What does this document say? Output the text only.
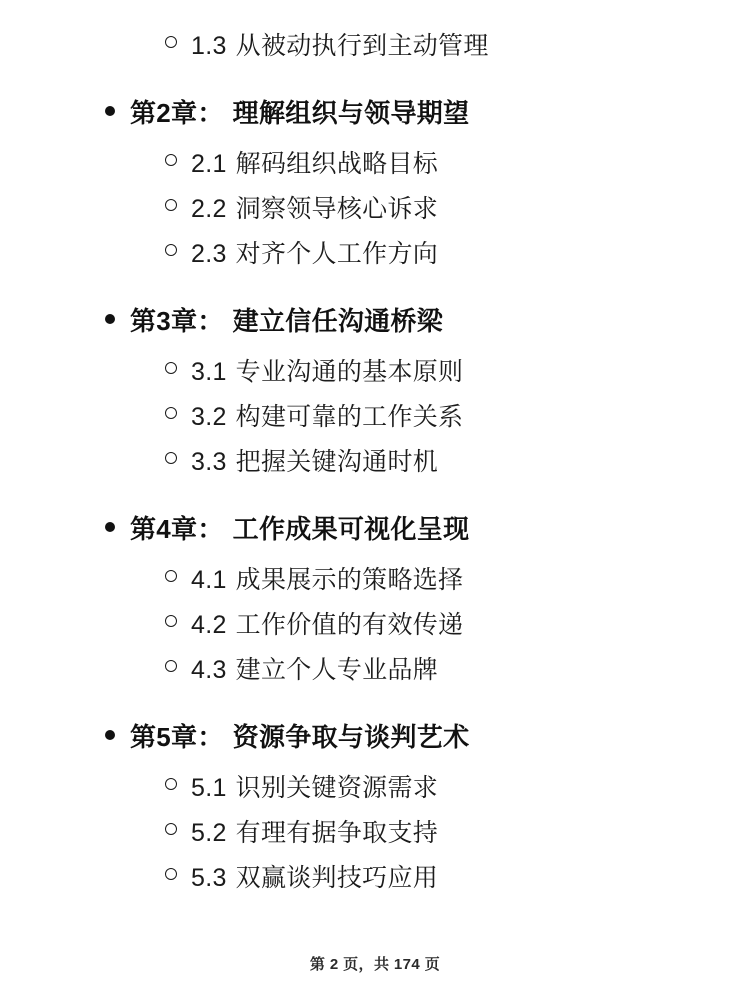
1.3 从被动执行到主动管理
第2章： 理解组织与领导期望
2.1 解码组织战略目标
2.2 洞察领导核心诉求
2.3 对齐个人工作方向
第3章： 建立信任沟通桥梁
3.1 专业沟通的基本原则
3.2 构建可靠的工作关系
3.3 把握关键沟通时机
第4章： 工作成果可视化呈现
4.1 成果展示的策略选择
4.2 工作价值的有效传递
4.3 建立个人专业品牌
第5章： 资源争取与谈判艺术
5.1 识别关键资源需求
5.2 有理有据争取支持
5.3 双赢谈判技巧应用
第 2 页，共 174 页
